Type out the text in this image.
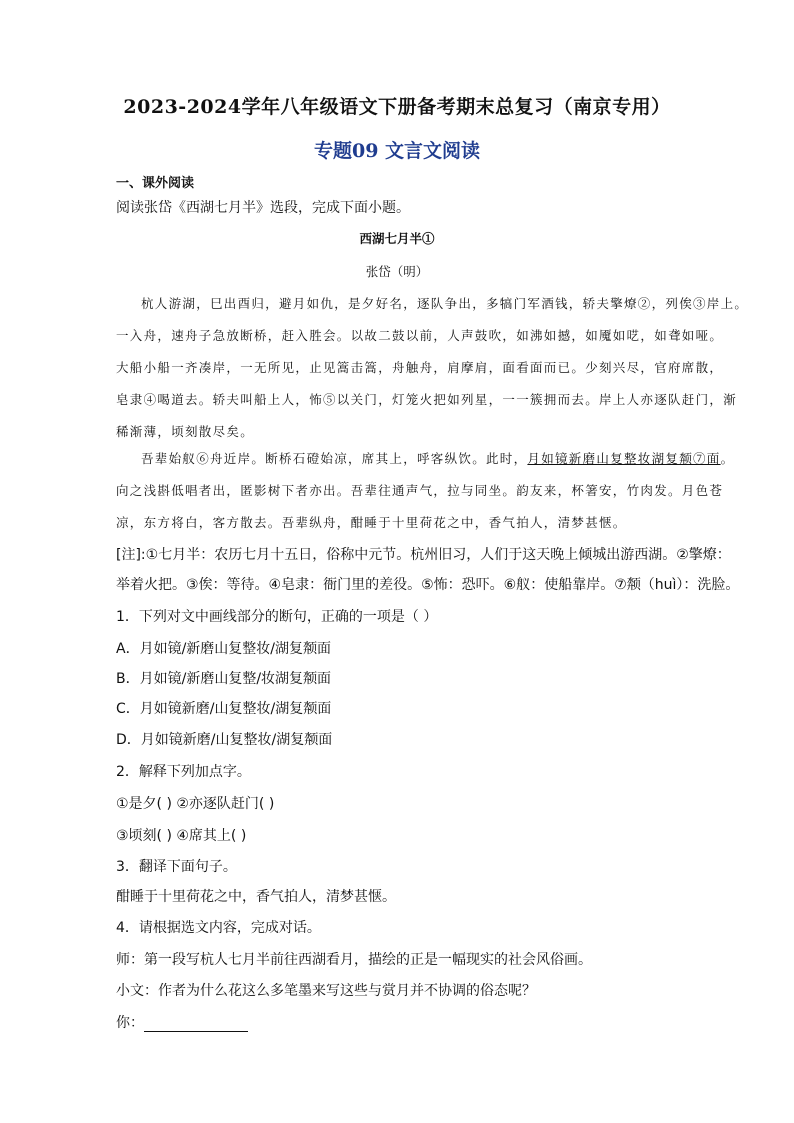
2023-2024学年八年级语文下册备考期末总复习（南京专用）
专题09 文言文阅读
一、课外阅读
阅读张岱《西湖七月半》选段，完成下面小题。
西湖七月半①
张岱（明）
杭人游湖，巳出酉归，避月如仇，是夕好名，逐队争出，多犒门军酒钱，轿夫擎燎②，列俟③岸上。
一入舟，速舟子急放断桥，赶入胜会。以故二鼓以前，人声鼓吹，如沸如撼，如魇如呓，如聋如哑。
大船小船一齐凑岸，一无所见，止见篙击篙，舟触舟，肩摩肩，面看面而已。少刻兴尽，官府席散，
皂隶④喝道去。轿夫叫船上人，怖⑤以关门，灯笼火把如列星，一一簇拥而去。岸上人亦逐队赶门，渐
稀渐薄，顷刻散尽矣。
吾辈始舣⑥舟近岸。断桥石磴始凉，席其上，呼客纵饮。此时，月如镜新磨山复整妆湖复颒⑦面。
向之浅斟低唱者出，匿影树下者亦出。吾辈往通声气，拉与同坐。韵友来，杯箸安，竹肉发。月色苍
凉，东方将白，客方散去。吾辈纵舟，酣睡于十里荷花之中，香气拍人，清梦甚惬。
[注]:①七月半：农历七月十五日，俗称中元节。杭州旧习，人们于这天晚上倾城出游西湖。②擎燎：
举着火把。③俟：等待。④皂隶：衙门里的差役。⑤怖：恐吓。⑥舣：使船靠岸。⑦颒（huì）：洗脸。
1．下列对文中画线部分的断句，正确的一项是（ ）
A．月如镜/新磨山复整妆/湖复颒面
B．月如镜/新磨山复整/妆湖复颒面
C．月如镜新磨/山复整妆/湖复颒面
D．月如镜新磨/山复整妆/湖复颒面
2．解释下列加点字。
①是夕( ) ②亦逐队赶门( )
③顷刻( ) ④席其上( )
3．翻译下面句子。
酣睡于十里荷花之中，香气拍人，清梦甚惬。
4．请根据选文内容，完成对话。
师：第一段写杭人七月半前往西湖看月，描绘的正是一幅现实的社会风俗画。
小文：作者为什么花这么多笔墨来写这些与赏月并不协调的俗态呢？
你：
